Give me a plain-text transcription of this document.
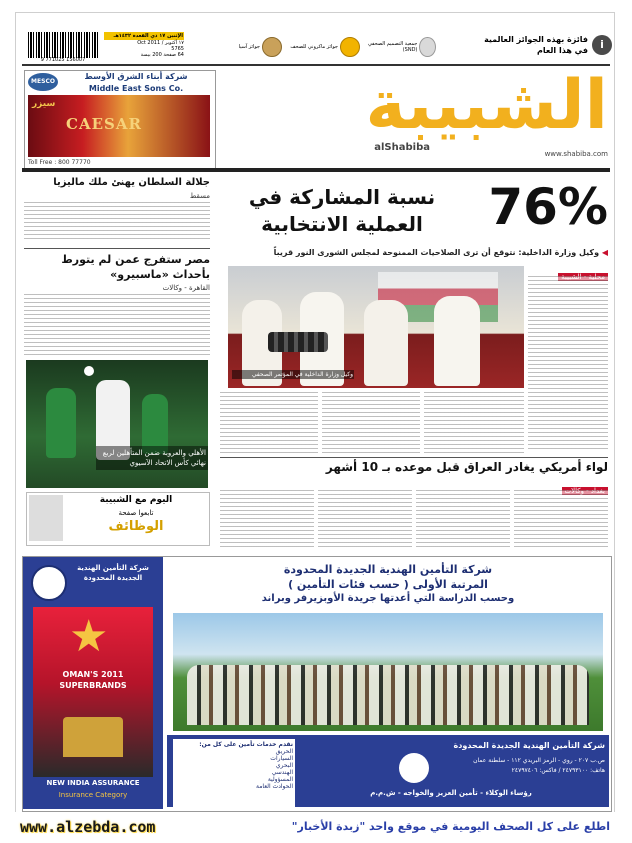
9 771025 156007
الإثنين ١٧ ذي القعدة ١٤٣٢هـ
١٧ أكتوبر / Oct 2011
5765
64 صفحة 200 بيسة
جمعية التصميم الصحفي (SND)
جوائز ماكروني للصحف
جوائز آسيا
فائزة بهذه الجوائز العالمية في هذا العام	i
MESCO
شركة أبناء الشرق الأوسط
Middle East Sons Co.
سيزر
CAESAR
Toll Free : 800 77770
الشبيبة
alShabiba
www.shabiba.com
جلالة السلطان يهنئ ملك ماليزيا
مسقط
مصر ستفرج عمن لم يتورط بأحداث «ماسبيرو»
القاهرة - وكالات
الأهلي والعروبة ضمن المتأهلين لربع نهائي كأس الاتحاد الآسيوي
اليوم مع الشبيبة
تابعوا صفحة
الوظائف
76%
نسبة المشاركة في العملية الانتخابية
◀ وكيل وزارة الداخلية: نتوقع أن ترى الصلاحيات الممنوحة لمجلس الشورى النور قريباً
وكيل وزارة الداخلية في المؤتمر الصحفي
لواء أمريكي يغادر العراق قبل موعده بـ 10 أشهر
شركة التأمين الهندية الجديدة المحدودة
★
OMAN'S 2011 SUPERBRANDS
NEW INDIA ASSURANCE
Insurance Category
شركة التأمين الهندية الجديدة المحدودة
المرتبة الأولى ( حسب فئات التأمين )
وحسب الدراسة التي أعدتها جريدة الأوبزيرفر وبراند
نقدم خدمات تأمين على كل من:
الحريق
السيارات
البحري
الهندسي
المسؤولية
الحوادث العامة
شركة التأمين الهندية الجديدة المحدودة
ص.ب ٢٠٧ - روي - الرمز البريدي ١١٢ - سلطنة عمان
هاتف: ٢٤٧٩٣١٠٠ / فاكس: ٢٤٧٩٧٤٠٦
رؤساء الوكلاء - تأمين العزيز والخواجه - ش.م.م
www.alzebda.com	اطلع على كل الصحف اليومية في موقع واحد "زبدة الأخبار"
